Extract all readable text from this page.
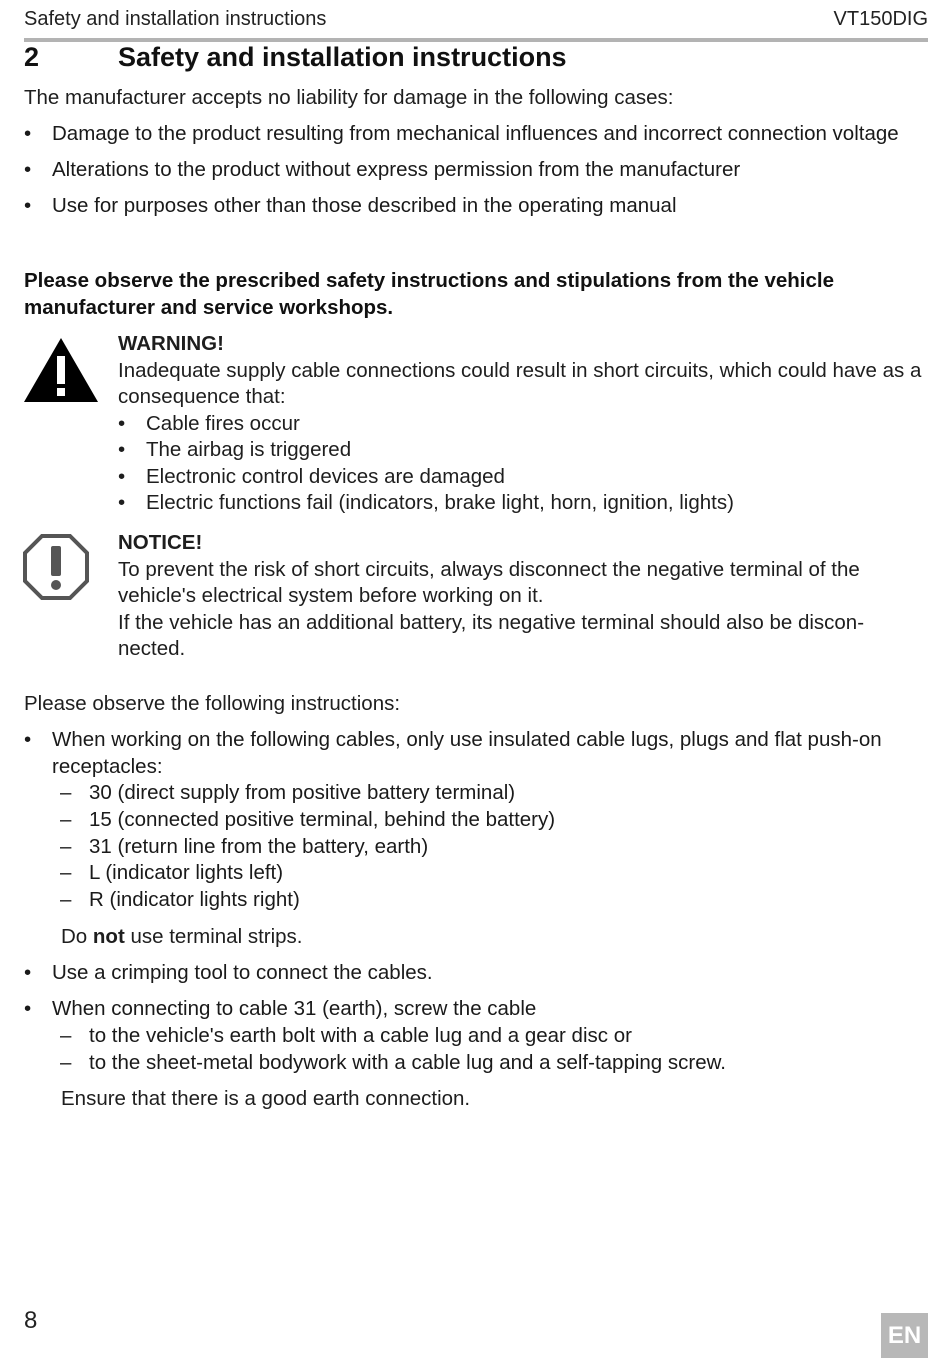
Safety and installation instructions	VT150DIG
2	Safety and installation instructions
The manufacturer accepts no liability for damage in the following cases:
• Damage to the product resulting from mechanical influences and incorrect connection voltage
• Alterations to the product without express permission from the manufacturer
• Use for purposes other than those described in the operating manual
Please observe the prescribed safety instructions and stipulations from the vehicle manufacturer and service workshops.
WARNING!
Inadequate supply cable connections could result in short circuits, which could have as a consequence that:
• Cable fires occur
• The airbag is triggered
• Electronic control devices are damaged
• Electric functions fail (indicators, brake light, horn, ignition, lights)
NOTICE!
To prevent the risk of short circuits, always disconnect the negative terminal of the vehicle's electrical system before working on it.
If the vehicle has an additional battery, its negative terminal should also be discon-nected.
Please observe the following instructions:
• When working on the following cables, only use insulated cable lugs, plugs and flat push-on receptacles:
– 30 (direct supply from positive battery terminal)
– 15 (connected positive terminal, behind the battery)
– 31 (return line from the battery, earth)
– L (indicator lights left)
– R (indicator lights right)
Do not use terminal strips.
• Use a crimping tool to connect the cables.
• When connecting to cable 31 (earth), screw the cable
– to the vehicle's earth bolt with a cable lug and a gear disc or
– to the sheet-metal bodywork with a cable lug and a self-tapping screw.
Ensure that there is a good earth connection.
8
EN
